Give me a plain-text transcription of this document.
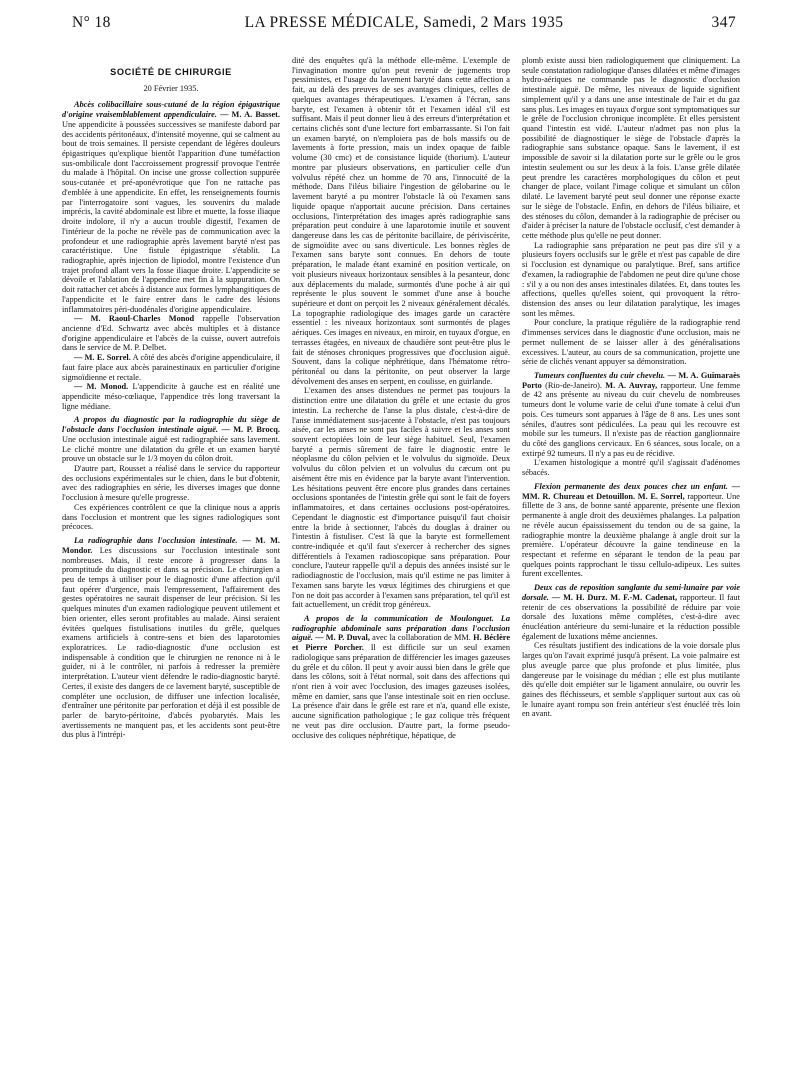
N° 18	LA PRESSE MÉDICALE, Samedi, 2 Mars 1935	347
SOCIÉTÉ DE CHIRURGIE
20 Février 1935.

Abcès colibacillaire sous-cutané de la région épigastrique d'origine vraisemblablement appendiculaire. — M. A. Basset. Une appendicite à poussées successives se manifeste dabord par des accidents péritonéaux, d'intensité moyenne, qui se calment au bout de trois semaines. Il persiste cependant de légères douleurs épigastriques qu'explique bientôt l'apparition d'une tuméfaction sus-ombilicale dont l'accroissement progressif provoque l'entrée du malade à l'hôpital. On incise une grosse collection suppurée sous-cutanée et pré-aponévrotique que l'on ne rattache pas d'emblée à une appendicite. En effet, les renseignements fournis par l'interrogatoire sont vagues, les souvenirs du malade imprécis, la cavité abdominale est libre et muette, la fosse iliaque droite indolore, il n'y a aucun trouble digestif, l'examen de l'intérieur de la poche ne révèle pas de communication avec la profondeur et une radiographie après lavement baryté n'est pas caractéristique. Une fistule épigastrique s'établit. La radiographie, après injection de lipiodol, montre l'existence d'un trajet profond allant vers la fosse iliaque droite. L'appendicite se dévoile et l'ablation de l'appendice met fin à la suppuration. On doit rattacher cet abcès à distance aux formes lymphangitiques de l'appendicite et le faire entrer dans le cadre des lésions inflammatoires péri-duodénales d'origine appendiculaire.

— M. Raoul-Charles Monod rappelle l'observation ancienne d'Ed. Schwartz avec abcès multiples et à distance d'origine appendiculaire et l'abcès de la cuisse, ouvert autrefois dans le service de M. P. Delbet.

— M. E. Sorrel. A côté des abcès d'origine appendiculaire, il faut faire place aux abcès parainestinaux en particulier d'origine sigmoïdienne et rectale.

— M. Monod. L'appendicite à gauche est en réalité une appendicite méso-cœliaque, l'appendice très long traversant la ligne médiane.

A propos du diagnostic par la radiographie du siège de l'obstacle dans l'occlusion intestinale aiguë. — M. P. Brocq. Une occlusion intestinale aiguë est radiographiée sans lavement. Le cliché montre une dilatation du grêle et un examen baryté prouve un obstacle sur le 1/3 moyen du côlon droit.

D'autre part, Rousset a réalisé dans le service du rapporteur des occlusions expérimentales sur le chien, dans le but d'obtenir, avec des radiographies en série, les diverses images que donne l'occlusion à mesure qu'elle progresse.

Ces expériences contrôlent ce que la clinique nous a appris dans l'occlusion et montrent que les signes radiologiques sont précoces.

La radiographie dans l'occlusion intestinale. — M. M. Mondor. Les discussions sur l'occlusion intestinale sont nombreuses. Mais, il reste encore à progresser dans la promptitude du diagnostic et dans sa précision. Le chirurgien a peu de temps à utiliser pour le diagnostic d'une affection qu'il faut opérer d'urgence, mais l'empressement, l'affairement des gestes opératoires ne saurait dispenser de leur précision. Si les quelques minutes d'un examen radiologique peuvent utilement et bien orienter, elles seront profitables au malade. Ainsi seraient évitées quelques fistulisations inutiles du grêle, quelques examens artificiels à contre-sens et bien des laparotomies exploratrices. Le radio-diagnostic d'une occlusion est indispensable à condition que le chirurgien ne renonce ni à le guider, ni à le contrôler, ni parfois à redresser la première interprétation. L'auteur vient défendre le radio-diagnostic baryté. Certes, il existe des dangers de ce lavement baryté, susceptible de compléter une occlusion, de diffuser une infection localisée, d'entraîner une péritonite par perforation et déjà il est possible de parler de baryto-péritoine, d'abcès pyobarytés. Mais les avertissements ne manquent pas, et les accidents sont peut-être dus plus à l'intrépi-

dité des enquêtes qu'à la méthode elle-même. L'exemple de l'invagination montre qu'on peut revenir de jugements trop pessimistes, et l'usage du lavement baryté dans cette affection a fait, au delà des preuves de ses avantages cliniques, celles de quelques avantages thérapeutiques. L'examen à l'écran, sans baryte, est l'examen à obtenir tôt et l'examen idéal s'il est suffisant. Mais il peut donner lieu à des erreurs d'interprétation et certains clichés sont d'une lecture fort embarrassante. Si l'on fait un examen baryté, on n'emploiera pas de bols massifs ou de lavements à forte pression, mais un index opaque de faible volume (30 cmc) et de consistance liquide (thorium). L'auteur montre par plusieurs observations, en particulier celle d'un volvulus répété chez un homme de 70 ans, l'innocuité de la méthode. Dans l'iléus biliaire l'ingestion de gélobarine ou le lavement baryté a pu montrer l'obstacle là où l'examen sans liquide opaque n'apportait aucune précision. Dans certaines occlusions, l'interprétation des images après radiographie sans préparation peut conduire à une laparotomie inutile et souvent dangereuse dans les cas de péritonite bacillaire, de périviscérite, de sigmoïdite avec ou sans diverticule. Les bonnes règles de l'examen sans baryte sont connues. En dehors de toute préparation, le malade étant examiné en position verticale, on voit plusieurs niveaux horizontaux sensibles à la pesanteur, donc aux déplacements du malade, surmontés d'une poche à air qui représente le plus souvent le sommet d'une anse à bouche supérieure et dont on perçoit les 2 niveaux généralement décalés. La topographie radiologique des images garde un caractère essentiel : les niveaux horizontaux sont surmontés de plages aériques. Ces images en niveaux, en miroir, en tuyaux d'orgue, en terrasses étagées, en niveaux de chaudière sont peut-être plus le fait de sténoses chroniques progressives que d'occlusion aiguë. Souvent, dans la colique néphrétique, dans l'hématome rétro-péritonéal ou dans la péritonite, on peut observer la large dévolvement des anses en serpent, en coulisse, en guirlande.

L'examen des anses distendues ne permet pas toujours la distinction entre une dilatation du grêle et une ectasie du gros intestin. La recherche de l'anse la plus distale, c'est-à-dire de l'anse immédiatement sus-jacente à l'obstacle, n'est pas toujours aisée, car les anses ne sont pas faciles à suivre et les anses sont souvent ectopiées loin de leur siège habituel. Seul, l'examen baryté a permis sûrement de faire le diagnostic entre le néoplasme du côlon pelvien et le volvulus du sigmoïde. Deux volvulus du côlon pelvien et un volvulus du cæcum ont pu aisément être mis en évidence par la baryte avant l'intervention. Les hésitations peuvent être encore plus grandes dans certaines occlusions spontanées de l'intestin grêle qui sont le fait de foyers inflammatoires, et dans certaines occlusions post-opératoires. Cependant le diagnostic est d'importance puisqu'il faut choisir entre la bride à sectionner, l'abcès du douglas à drainer ou l'intestin à fistuliser. C'est là que la baryte est formellement contre-indiquée et qu'il faut s'exercer à rechercher des signes différentiels à l'examen radioscopique sans préparation. Pour conclure, l'auteur rappelle qu'il a depuis des années insisté sur le radiodiagnostic de l'occlusion, mais qu'il estime ne pas limiter à l'examen sans baryte les vœux légitimes des chirurgiens et que l'on ne doit pas accorder à l'examen sans préparation, tel qu'il est fait actuellement, un crédit trop généreux.

A propos de la communication de Moulonguet. La radiographie abdominale sans préparation dans l'occlusion aiguë. — M. P. Duval, avec la collaboration de MM. H. Béclère et Pierre Porcher. Il est difficile sur un seul examen radiologique sans préparation de différencier les images gazeuses du grêle et du côlon. Il peut y avoir aussi bien dans le grêle que dans les côlons, soit à l'état normal, soit dans des affections qui n'ont rien à voir avec l'occlusion, des images gazeuses isolées, même en damier, sans que l'anse intestinale soit en rien occluse. La présence d'air dans le grêle est rare et n'a, quand elle existe, aucune signification pathologique ; le gaz colique très fréquent ne veut pas dire occlusion. D'autre part, la forme pseudo-occlusive des coliques néphrétique, hépatique, de

plomb existe aussi bien radiologiquement que cliniquement. La seule constatation radiologique d'anses dilatées et même d'images hydro-aériques ne commande pas le diagnostic d'occlusion intestinale aiguë. De même, les niveaux de liquide signifient simplement qu'il y a dans une anse intestinale de l'air et du gaz sans plus. Les images en tuyaux d'orgue sont symptomatiques sur le grêle de l'occlusion chronique incomplète. Et elles persistent quand l'intestin est vidé. L'auteur n'admet pas non plus la possibilité de diagnostiquer le siège de l'obstacle d'après la radiographie sans substance opaque. Sans le lavement, il est impossible de savoir si la dilatation porte sur le grêle ou le gros intestin seulement ou sur les deux à la fois. L'anse grêle dilatée peut prendre les caractères morphologiques du côlon et peut changer de place, voilant l'image colique et simulant un côlon dilaté. Le lavement baryté peut seul donner une réponse exacte sur le siège de l'obstacle. Enfin, en dehors de l'iléus biliaire, et des sténoses du côlon, demander à la radiographie de préciser ou d'aider à préciser la nature de l'obstacle occlusif, c'est demander à cette méthode plus qu'elle ne peut donner.

La radiographie sans préparation ne peut pas dire s'il y a plusieurs foyers occlusifs sur le grêle et n'est pas capable de dire si l'occlusion est dynamique ou paralytique. Bref, sans artifice d'examen, la radiographie de l'abdomen ne peut dire qu'une chose : s'il y a ou non des anses intestinales dilatées. Et, dans toutes les affections, quelles qu'elles soient, qui provoquent la rétro-distension des anses ou leur dilatation paralytique, les images sont les mêmes.

Pour conclure, la pratique régulière de la radiographie rend d'immenses services dans le diagnostic d'une occlusion, mais ne permet nullement de se laisser aller à des généralisations excessives. L'auteur, au cours de sa communication, projette une série de clichés venant appuyer sa démonstration.

Tumeurs confluentes du cuir chevelu. — M. A. Guimaraès Porto (Rio-de-Janeiro). M. A. Auvray, rapporteur. Une femme de 42 ans présente au niveau du cuir chevelu de nombreuses tumeurs dont le volume varie de celui d'une tomate à celui d'un pois. Ces tumeurs sont apparues à l'âge de 8 ans. Les unes sont séniles, d'autres sont pédiculées. La peau qui les recouvre est mobile sur les tumeurs. Il n'existe pas de réaction ganglionnaire du côté des ganglions cervicaux. En 6 séances, sous locale, on a extirpé 92 tumeurs. Il n'y a pas eu de récidive.

L'examen histologique a montré qu'il s'agissait d'adénomes sébacés.

Flexion permanente des deux pouces chez un enfant. — MM. R. Chureau et Detouillon. M. E. Sorrel, rapporteur. Une fillette de 3 ans, de bonne santé apparente, présente une flexion permanente à angle droit des deuxièmes phalanges. La palpation ne révèle aucun épaississement du tendon ou de sa gaine, la radiographie montre la deuxième phalange à angle droit sur la première. L'opérateur découvre la gaine tendineuse en la respectant et referme en séparant le tendon de la peau par quelques points rapprochant le tissu cellulo-adipeux. Les suites furent excellentes.

Deux cas de reposition sanglante du semi-lunaire par voie dorsale. — M. H. Durz. M. F.-M. Cadenat, rapporteur. Il faut retenir de ces observations la possibilité de réduire par voie dorsale des luxations même complètes, c'est-à-dire avec énucléation antérieure du semi-lunaire et la réduction possible également de luxations même anciennes.

Ces résultats justifient des indications de la voie dorsale plus larges qu'on l'avait exprimé jusqu'à présent. La voie palmaire est plus aveugle parce que plus profonde et plus limitée, plus dangereuse par le voisinage du médian ; elle est plus mutilante dès qu'elle doit empiéter sur le ligament annulaire, ou ouvrir les gaines des fléchisseurs, et semble s'appliquer surtout aux cas où le lunaire ayant rompu son frein antérieur s'est énucléé très loin en avant.
